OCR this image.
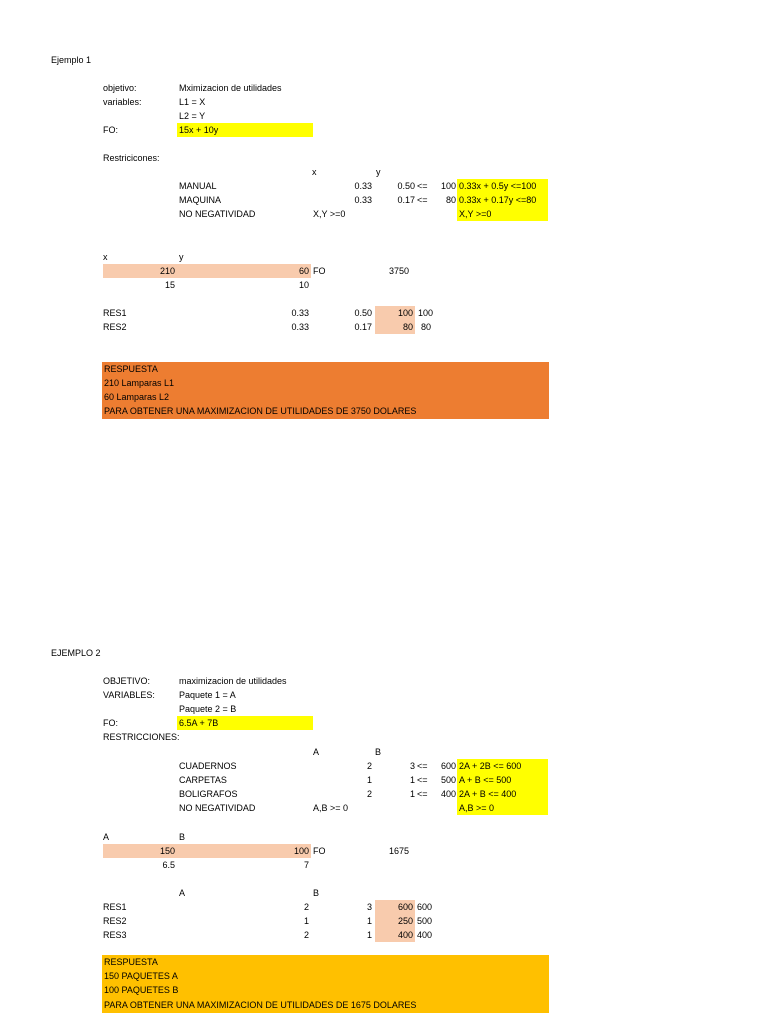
Ejemplo 1
objetivo:	Mximizacion de utilidades
variables:	L1 = X
L2 = Y
FO:	15x + 10y
Restricicones:
x	y
MANUAL	0.33	0.50 <=	100 0.33x + 0.5y <=100
MAQUINA	0.33	0.17 <=	80 0.33x + 0.17y <=80
NO NEGATIVIDAD	X,Y >=0	X,Y >=0
x	y
210	60 FO	3750
15	10
RES1	0.33	0.50	100 100
RES2	0.33	0.17	80 80
RESPUESTA
210 Lamparas L1
60 Lamparas L2
PARA OBTENER UNA MAXIMIZACION DE UTILIDADES DE 3750 DOLARES
EJEMPLO 2
OBJETIVO:	maximizacion de utilidades
VARIABLES:	Paquete 1 = A
Paquete 2 = B
FO:	6.5A + 7B
RESTRICCIONES:
A	B
CUADERNOS	2	3 <=	600 2A + 2B <= 600
CARPETAS	1	1 <=	500 A + B <= 500
BOLIGRAFOS	2	1 <=	400 2A + B <= 400
NO NEGATIVIDAD	A,B >= 0	A,B >= 0
A	B
150	100 FO	1675
6.5	7
A	B
RES1	2	3	600 600
RES2	1	1	250 500
RES3	2	1	400 400
RESPUESTA
150 PAQUETES A
100 PAQUETES B
PARA OBTENER UNA MAXIMIZACION DE UTILIDADES DE 1675 DOLARES
